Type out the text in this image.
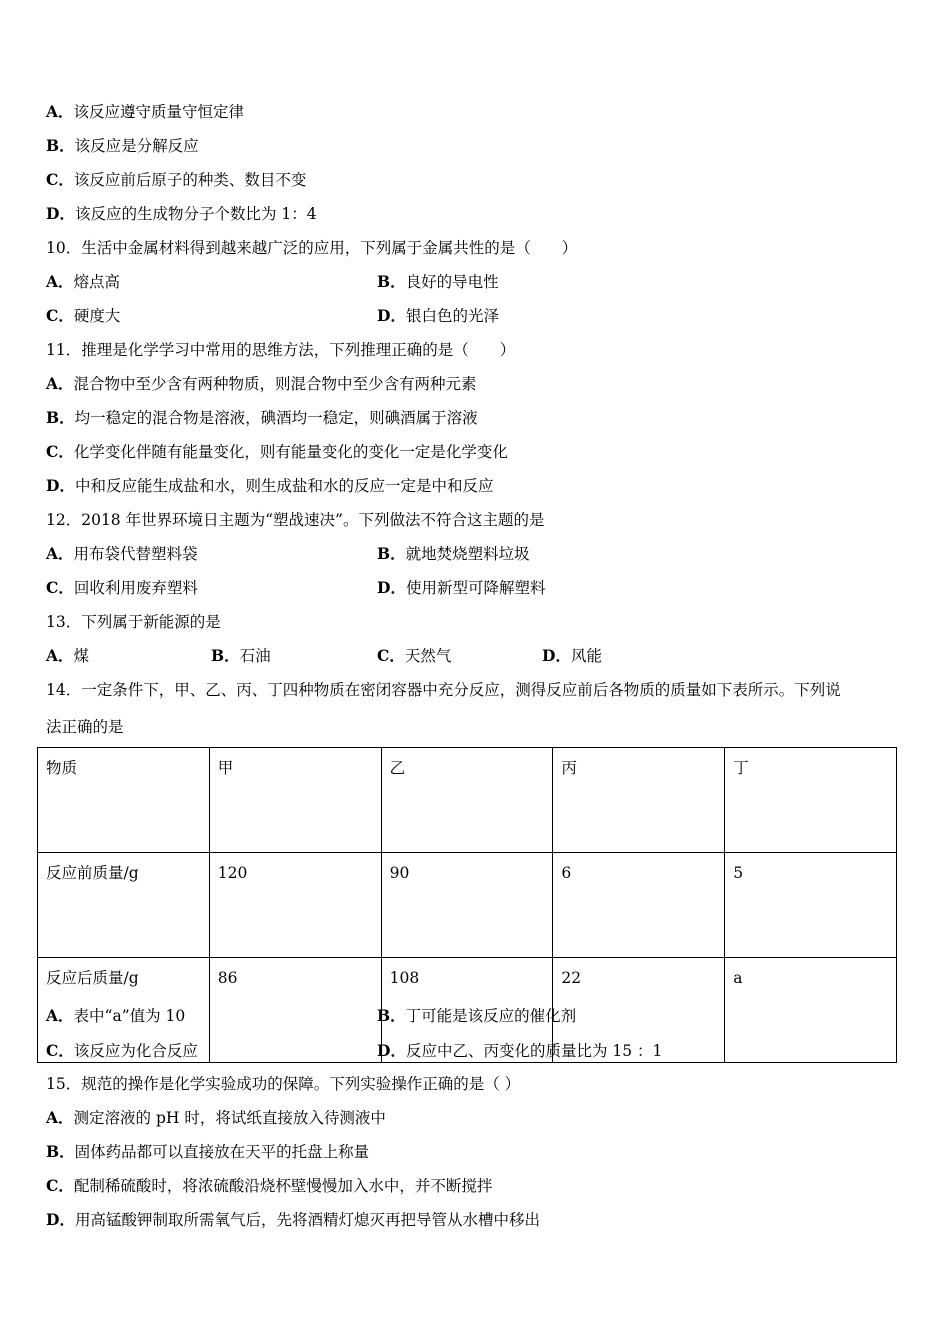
A．该反应遵守质量守恒定律
B．该反应是分解反应
C．该反应前后原子的种类、数目不变
D．该反应的生成物分子个数比为 1：4
10．生活中金属材料得到越来越广泛的应用，下列属于金属共性的是（　　）
A．熔点高	B．良好的导电性
C．硬度大	D．银白色的光泽
11．推理是化学学习中常用的思维方法，下列推理正确的是（　　）
A．混合物中至少含有两种物质，则混合物中至少含有两种元素
B．均一稳定的混合物是溶液，碘酒均一稳定，则碘酒属于溶液
C．化学变化伴随有能量变化，则有能量变化的变化一定是化学变化
D．中和反应能生成盐和水，则生成盐和水的反应一定是中和反应
12．2018 年世界环境日主题为“塑战速决”。下列做法不符合这主题的是
A．用布袋代替塑料袋	B．就地焚烧塑料垃圾
C．回收利用废弃塑料	D．使用新型可降解塑料
13．下列属于新能源的是
A．煤	B．石油	C．天然气	D．风能
14．一定条件下，甲、乙、丙、丁四种物质在密闭容器中充分反应，测得反应前后各物质的质量如下表所示。下列说
法正确的是
物质	甲	乙	丙	丁
反应前质量/g	120	90	6	5
反应后质量/g	86	108	22	a
A．表中“a”值为 10	B．丁可能是该反应的催化剂
C．该反应为化合反应	D．反应中乙、丙变化的质量比为 15 ：1
15．规范的操作是化学实验成功的保障。下列实验操作正确的是（ ）
A．测定溶液的 pH 时，将试纸直接放入待测液中
B．固体药品都可以直接放在天平的托盘上称量
C．配制稀硫酸时，将浓硫酸沿烧杯壁慢慢加入水中，并不断搅拌
D．用高锰酸钾制取所需氧气后，先将酒精灯熄灭再把导管从水槽中移出
